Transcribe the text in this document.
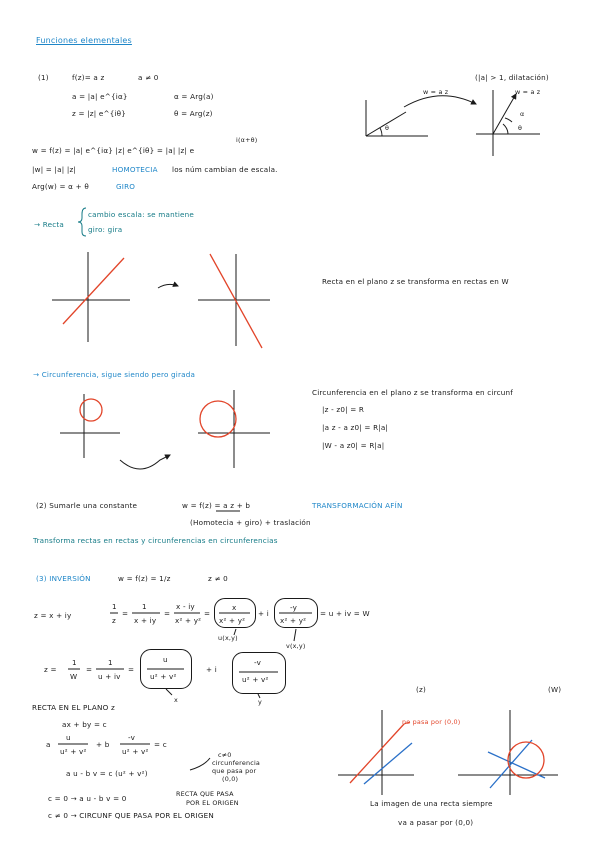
Funciones elementales
(1)	f(z)= a z	a ≠ 0
a = |a| e^{iα}	α = Arg(a)
z = |z| e^{iθ}	θ = Arg(z)
w = f(z) = |a| e^{iα} |z| e^{iθ} = |a| |z| e
i(α+θ)
|w| = |a| |z|	HOMOTECIA los núm cambian de escala.
Arg(w) = α + θ	GIRO
(|a| > 1, dilatación)
w = a z	w = a z
θ	θ
α
→ Recta
cambio escala: se mantiene
giro: gira
Recta en el plano z se transforma en rectas en W
→ Circunferencia, sigue siendo pero girada
Circunferencia en el plano z se transforma en circunf
|z - z0| = R
|a z - a z0| = R|a|
|W - a z0| = R|a|
(2) Sumarle una constante	w = f(z) = a z + b	TRANSFORMACIÓN AFÍN
(Homotecia + giro) + traslación
Transforma rectas en rectas y circunferencias en circunferencias
(3) INVERSIÓN	w = f(z) = 1/z	z ≠ 0
z = x + iy
1
z
=
1
x + iy
=
x - iy
x² + y²
=
x
x² + y²
+ i
-y
x² + y²
= u + iv = W
u(x,y)
v(x,y)
z =
1
W
=
1
u + iv
=
u
u² + v²
+ i
-v
u² + v²
x	y
RECTA EN EL PLANO z
ax + by = c
a
u
u² + v²
+ b
-v
u² + v²
= c
a u - b v = c (u² + v²)
c≠0
circunferencia
que pasa por
(0,0)
c = 0 → a u - b v = 0	RECTA QUE PASA
POR EL ORIGEN
c ≠ 0 → CIRCUNF QUE PASA POR EL ORIGEN
(z)	(W)
no pasa por (0,0)
La imagen de una recta siempre
va a pasar por (0,0)
